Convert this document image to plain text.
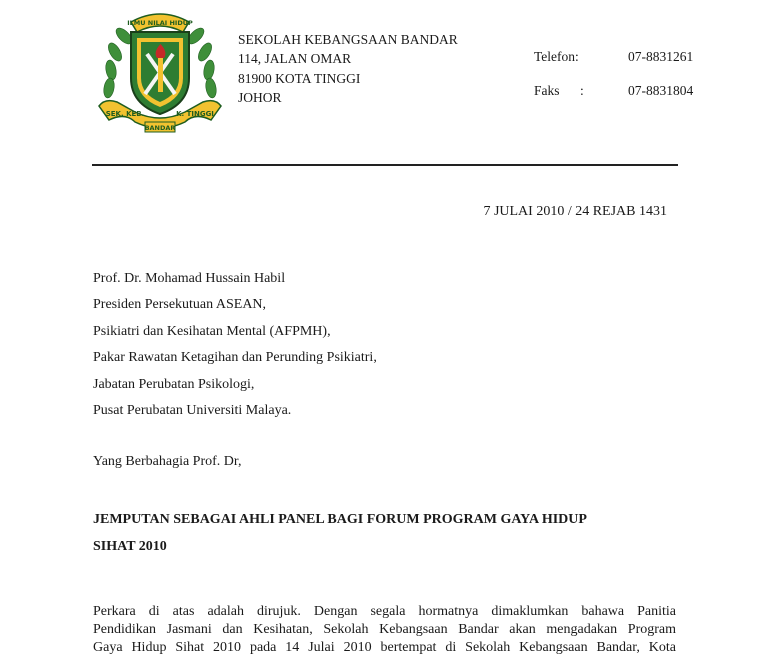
ILMU NILAI HIDUP
SEK. KEB.	K. TINGGI
BANDAR
SEKOLAH KEBANGSAAN BANDAR
114, JALAN OMAR
81900 KOTA TINGGI
JOHOR
Telefon:
Faks
	:
07-8831261
07-8831804
7 JULAI 2010 / 24 REJAB 1431
Prof. Dr. Mohamad Hussain Habil
Presiden Persekutuan ASEAN,
Psikiatri dan Kesihatan Mental (AFPMH),
Pakar Rawatan Ketagihan dan Perunding Psikiatri,
Jabatan Perubatan Psikologi,
Pusat Perubatan Universiti Malaya.
Yang Berbahagia Prof. Dr,
JEMPUTAN SEBAGAI AHLI PANEL BAGI FORUM PROGRAM GAYA HIDUP
SIHAT 2010
Perkara di atas adalah dirujuk. Dengan segala hormatnya dimaklumkan bahawa Panitia
Pendidikan Jasmani dan Kesihatan, Sekolah Kebangsaan Bandar akan mengadakan Program
Gaya Hidup Sihat 2010 pada 14 Julai 2010 bertempat di Sekolah Kebangsaan Bandar, Kota
